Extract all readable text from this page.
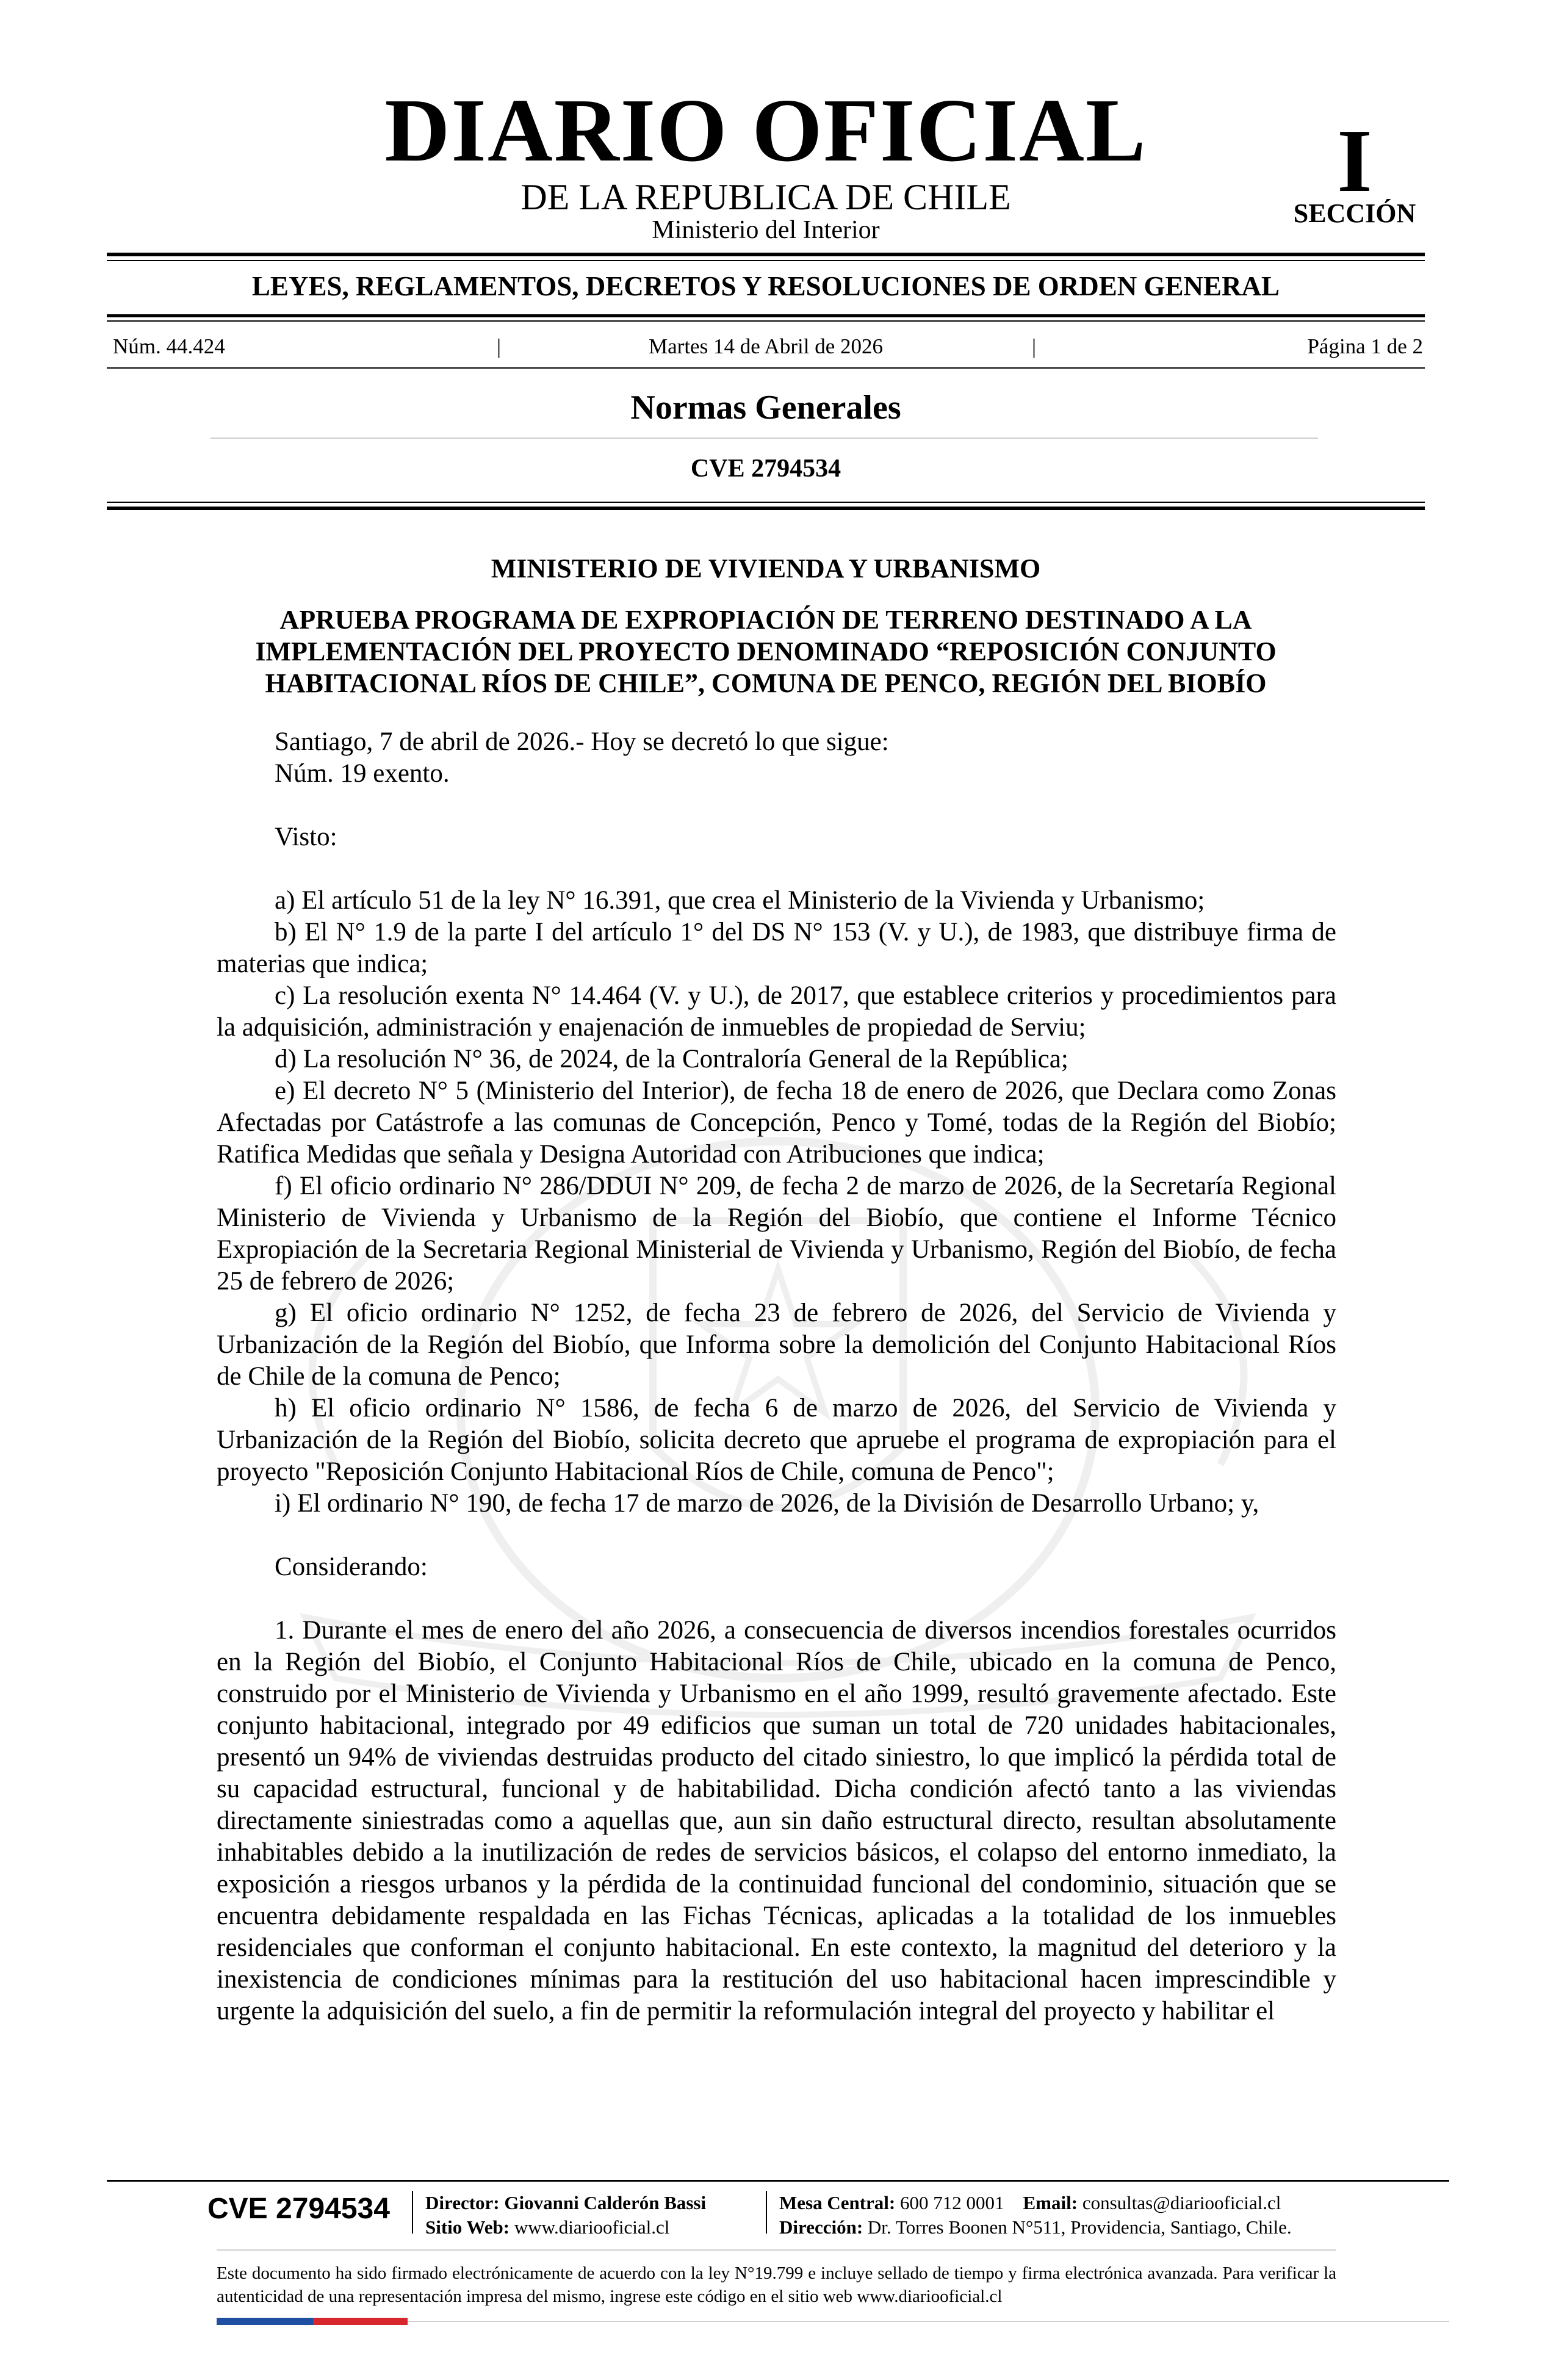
DIARIO OFICIAL
DE LA REPUBLICA DE CHILE
Ministerio del Interior
I
SECCIÓN
LEYES, REGLAMENTOS, DECRETOS Y RESOLUCIONES DE ORDEN GENERAL
Núm. 44.424	|	Martes 14 de Abril de 2026	|	Página 1 de 2
Normas Generales
CVE 2794534
MINISTERIO DE VIVIENDA Y URBANISMO
APRUEBA PROGRAMA DE EXPROPIACIÓN DE TERRENO DESTINADO A LA
IMPLEMENTACIÓN DEL PROYECTO DENOMINADO “REPOSICIÓN CONJUNTO
HABITACIONAL RÍOS DE CHILE”, COMUNA DE PENCO, REGIÓN DEL BIOBÍO

Santiago, 7 de abril de 2026.- Hoy se decretó lo que sigue:

Núm. 19 exento.

Visto:

a) El artículo 51 de la ley N° 16.391, que crea el Ministerio de la Vivienda y Urbanismo;

b) El N° 1.9 de la parte I del artículo 1° del DS N° 153 (V. y U.), de 1983, que distribuye firma de materias que indica;

c) La resolución exenta N° 14.464 (V. y U.), de 2017, que establece criterios y procedimientos para la adquisición, administración y enajenación de inmuebles de propiedad de Serviu;

d) La resolución N° 36, de 2024, de la Contraloría General de la República;

e) El decreto N° 5 (Ministerio del Interior), de fecha 18 de enero de 2026, que Declara como Zonas Afectadas por Catástrofe a las comunas de Concepción, Penco y Tomé, todas de la Región del Biobío; Ratifica Medidas que señala y Designa Autoridad con Atribuciones que indica;

f) El oficio ordinario N° 286/DDUI N° 209, de fecha 2 de marzo de 2026, de la Secretaría Regional Ministerio de Vivienda y Urbanismo de la Región del Biobío, que contiene el Informe Técnico Expropiación de la Secretaria Regional Ministerial de Vivienda y Urbanismo, Región del Biobío, de fecha 25 de febrero de 2026;

g) El oficio ordinario N° 1252, de fecha 23 de febrero de 2026, del Servicio de Vivienda y Urbanización de la Región del Biobío, que Informa sobre la demolición del Conjunto Habitacional Ríos de Chile de la comuna de Penco;

h) El oficio ordinario N° 1586, de fecha 6 de marzo de 2026, del Servicio de Vivienda y Urbanización de la Región del Biobío, solicita decreto que apruebe el programa de expropiación para el proyecto "Reposición Conjunto Habitacional Ríos de Chile, comuna de Penco";

i) El ordinario N° 190, de fecha 17 de marzo de 2026, de la División de Desarrollo Urbano; y,

Considerando:

1. Durante el mes de enero del año 2026, a consecuencia de diversos incendios forestales ocurridos en la Región del Biobío, el Conjunto Habitacional Ríos de Chile, ubicado en la comuna de Penco, construido por el Ministerio de Vivienda y Urbanismo en el año 1999, resultó gravemente afectado. Este conjunto habitacional, integrado por 49 edificios que suman un total de 720 unidades habitacionales, presentó un 94% de viviendas destruidas producto del citado siniestro, lo que implicó la pérdida total de su capacidad estructural, funcional y de habitabilidad. Dicha condición afectó tanto a las viviendas directamente siniestradas como a aquellas que, aun sin daño estructural directo, resultan absolutamente inhabitables debido a la inutilización de redes de servicios básicos, el colapso del entorno inmediato, la exposición a riesgos urbanos y la pérdida de la continuidad funcional del condominio, situación que se encuentra debidamente respaldada en las Fichas Técnicas, aplicadas a la totalidad de los inmuebles residenciales que conforman el conjunto habitacional. En este contexto, la magnitud del deterioro y la inexistencia de condiciones mínimas para la restitución del uso habitacional hacen imprescindible y urgente la adquisición del suelo, a fin de permitir la reformulación integral del proyecto y habilitar el

CVE 2794534 Director: Giovanni Calderón Bassi
Sitio Web: www.diariooficial.cl
Mesa Central: 600 712 0001 Email: consultas@diariooficial.cl
Dirección: Dr. Torres Boonen N°511, Providencia, Santiago, Chile.
Este documento ha sido firmado electrónicamente de acuerdo con la ley N°19.799 e incluye sellado de tiempo y firma electrónica avanzada. Para verificar la autenticidad de una representación impresa del mismo, ingrese este código en el sitio web www.diariooficial.cl
